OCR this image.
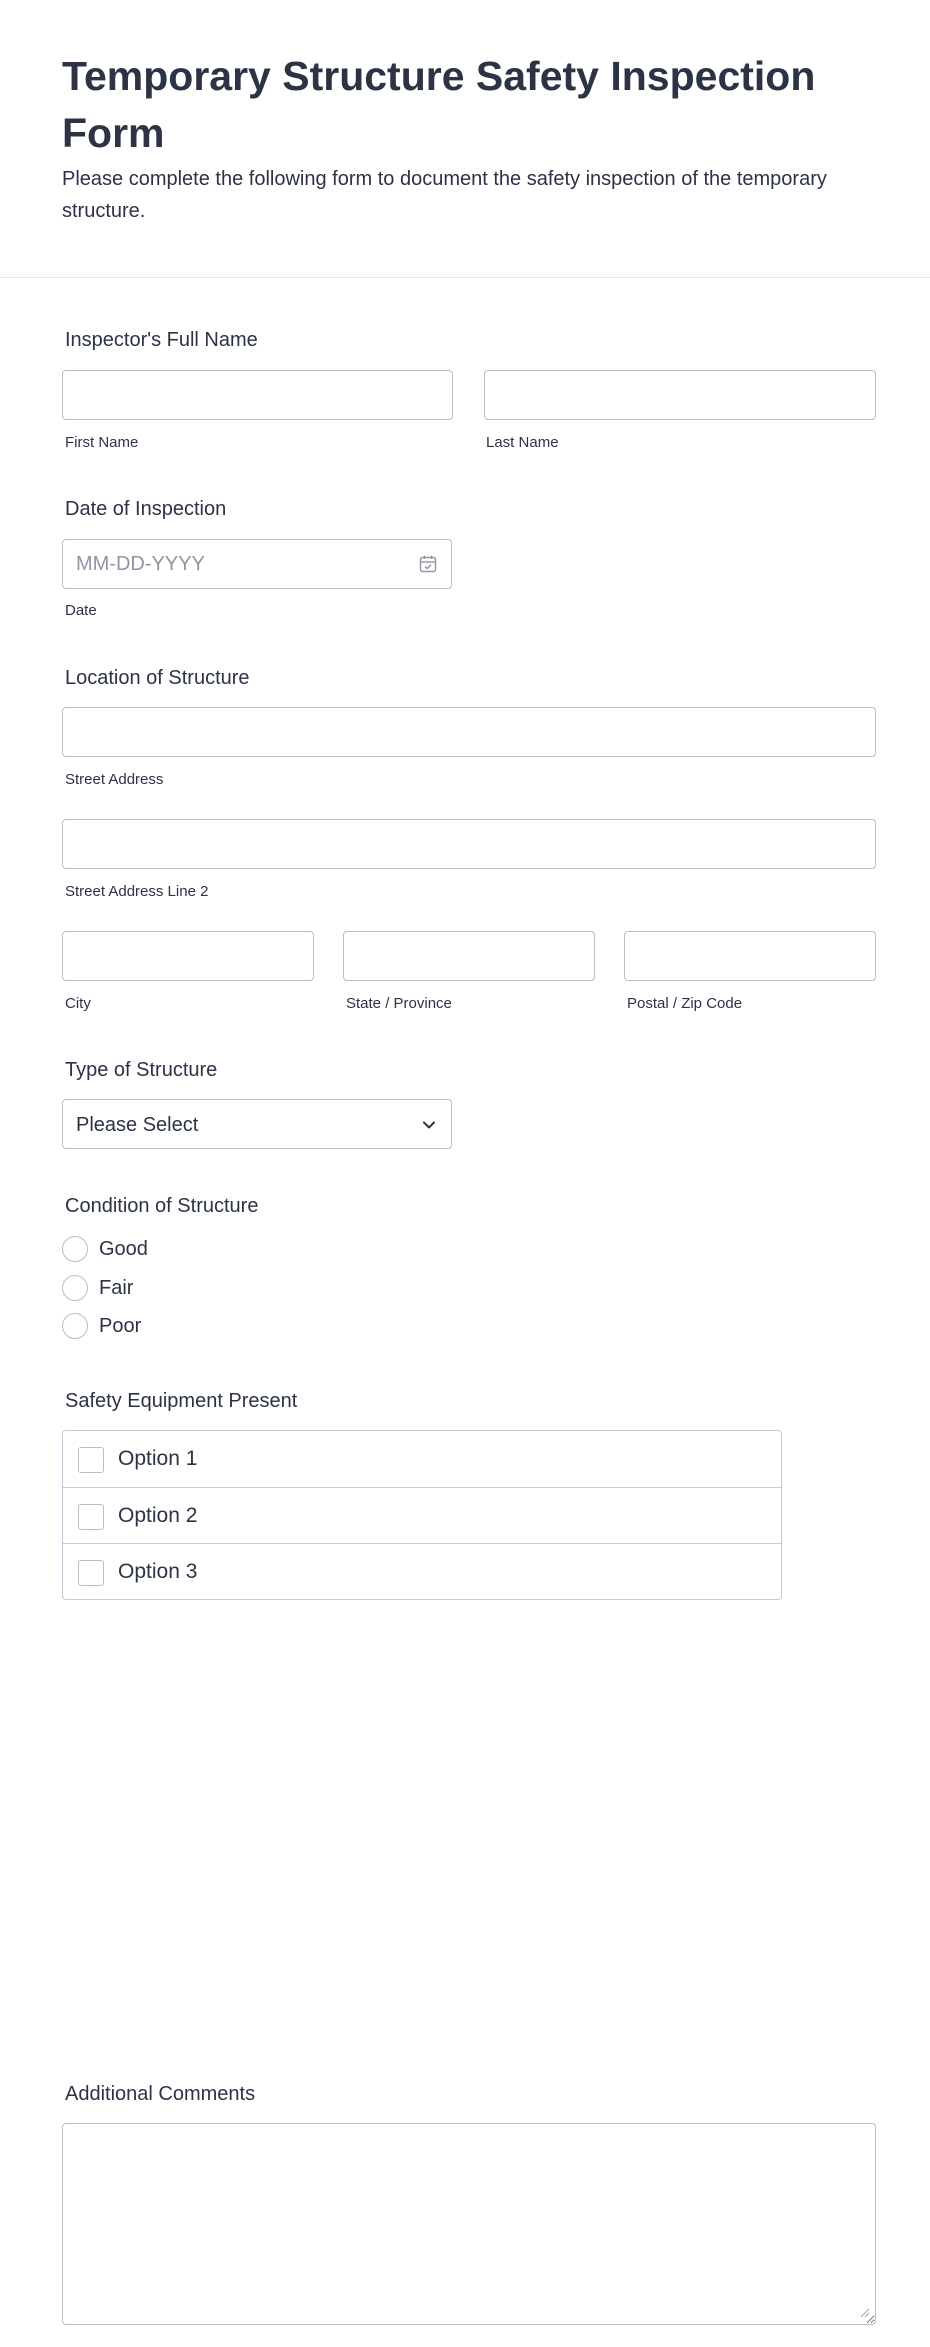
Temporary Structure Safety Inspection Form

Please complete the following form to document the safety inspection of the temporary structure.

Inspector's Full Name
First Name	Last Name
Date of Inspection
MM-DD-YYYY
Date
Location of Structure
Street Address
Street Address Line 2
City	State / Province	Postal / Zip Code
Type of Structure
Please Select
Condition of Structure
Good
Fair
Poor
Safety Equipment Present
Option 1
Option 2
Option 3
Additional Comments
